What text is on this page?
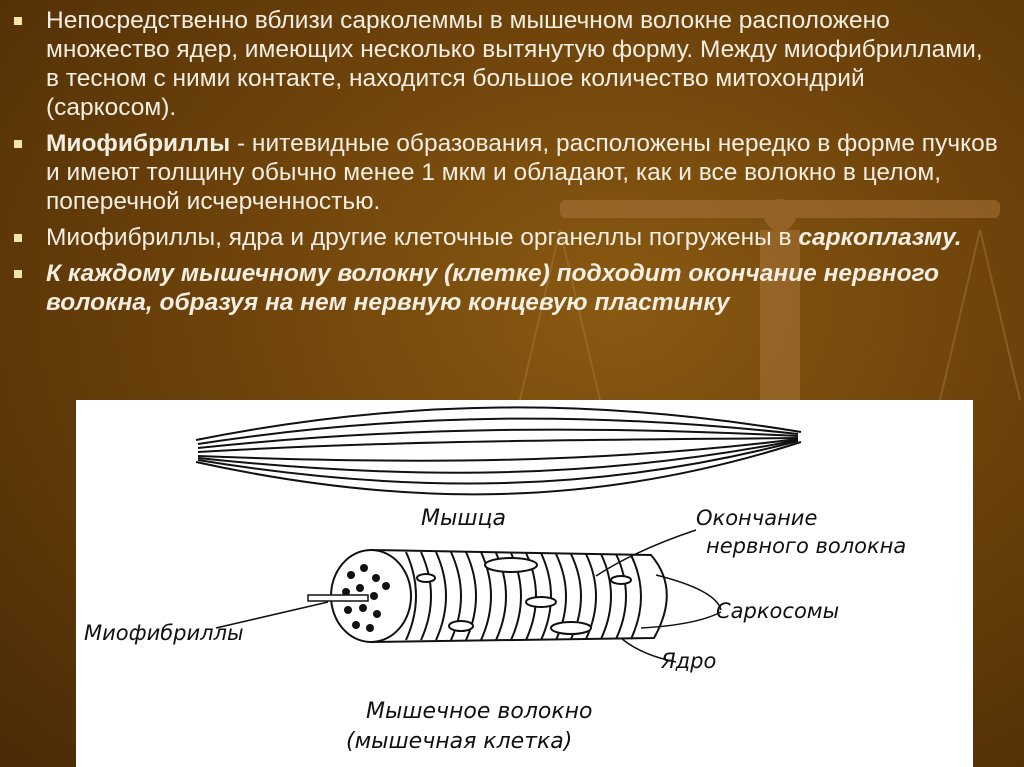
Непосредственно вблизи сарколеммы в мышечном волокне расположено множество ядер, имеющих несколько вытянутую форму. Между миофибриллами, в тесном с ними контакте, находится большое количество митохондрий (саркосом).
Миофибриллы - нитевидные образования, расположены нередко в форме пучков и имеют толщину обычно менее 1 мкм и обладают, как и все волокно в целом, поперечной исчерченностью.
Миофибриллы, ядра и другие клеточные органеллы погружены в саркоплазму.
К каждому мышечному волокну (клетке) подходит окончание нервного волокна, образуя на нем нервную концевую пластинку
Мышца	Окончание
нервного волокна
Саркосомы
Миофибриллы
Ядро
Мышечное волокно
(мышечная клетка)
